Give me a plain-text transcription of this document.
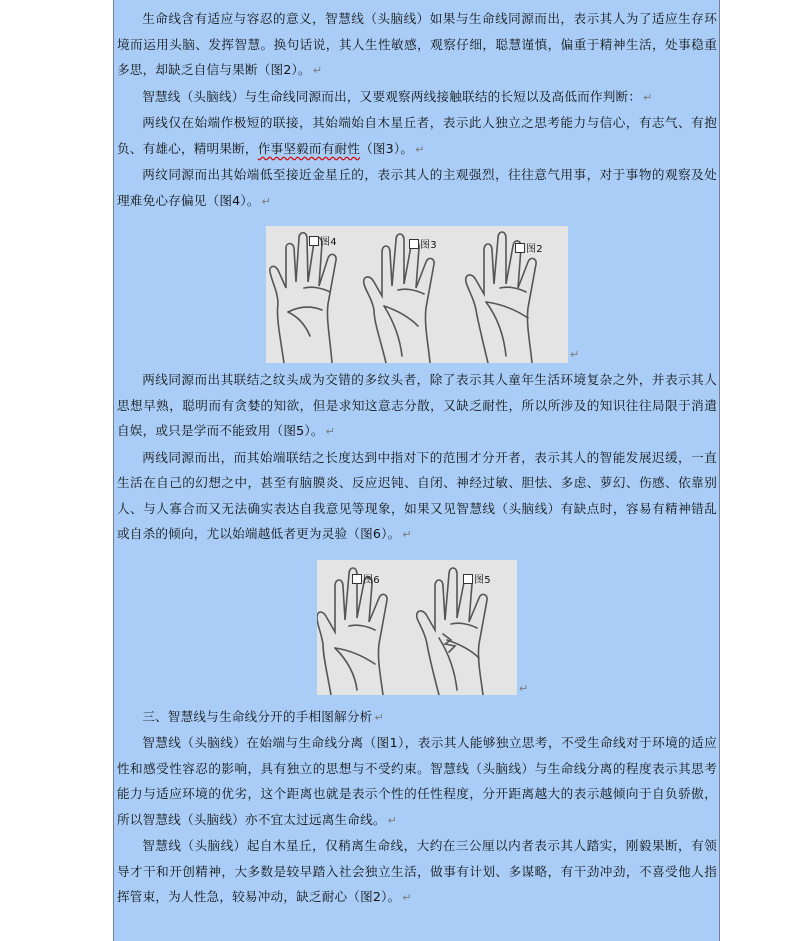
生命线含有适应与容忍的意义，智慧线（头脑线）如果与生命线同源而出，表示其人为了适应生存环境而运用头脑、发挥智慧。换句话说，其人生性敏感，观察仔细，聪慧谨慎，偏重于精神生活，处事稳重多思，却缺乏自信与果断（图2）。 ↵

智慧线（头脑线）与生命线同源而出，又要观察两线接触联结的长短以及高低而作判断： ↵

两线仅在始端作极短的联接，其始端始自木星丘者，表示此人独立之思考能力与信心，有志气、有抱负、有雄心，精明果断，作事坚毅而有耐性（图3）。 ↵

两纹同源而出其始端低至接近金星丘的，表示其人的主观强烈，往往意气用事，对于事物的观察及处理难免心存偏见（图4）。 ↵

图4	图3	图2
↵

两线同源而出其联结之纹头成为交错的多纹头者，除了表示其人童年生活环境复杂之外，并表示其人思想早熟，聪明而有贪婪的知欲，但是求知这意志分散，又缺乏耐性，所以所涉及的知识往往局限于消遣自娱，或只是学而不能致用（图5）。 ↵

两线同源而出，而其始端联结之长度达到中指对下的范围才分开者，表示其人的智能发展迟缓，一直生活在自己的幻想之中，甚至有脑膜炎、反应迟钝、自闭、神经过敏、胆怯、多虑、萝幻、伤感、依靠别人、与人寡合而又无法确实表达自我意见等现象，如果又见智慧线（头脑线）有缺点时，容易有精神错乱或自杀的倾向，尤以始端越低者更为灵验（图6）。 ↵

图6	图5
↵

三、智慧线与生命线分开的手相图解分析 ↵

智慧线（头脑线）在始端与生命线分离（图1），表示其人能够独立思考，不受生命线对于环境的适应性和感受性容忍的影响，具有独立的思想与不受约束。智慧线（头脑线）与生命线分离的程度表示其思考能力与适应环境的优劣，这个距离也就是表示个性的任性程度，分开距离越大的表示越倾向于自负骄傲，所以智慧线（头脑线）亦不宜太过远离生命线。 ↵

智慧线（头脑线）起自木星丘，仅稍离生命线，大约在三公厘以内者表示其人踏实，刚毅果断，有领导才干和开创精神，大多数是较早踏入社会独立生活，做事有计划、多谋略，有干劲冲劲，不喜受他人指挥管束，为人性急，较易冲动，缺乏耐心（图2）。 ↵
